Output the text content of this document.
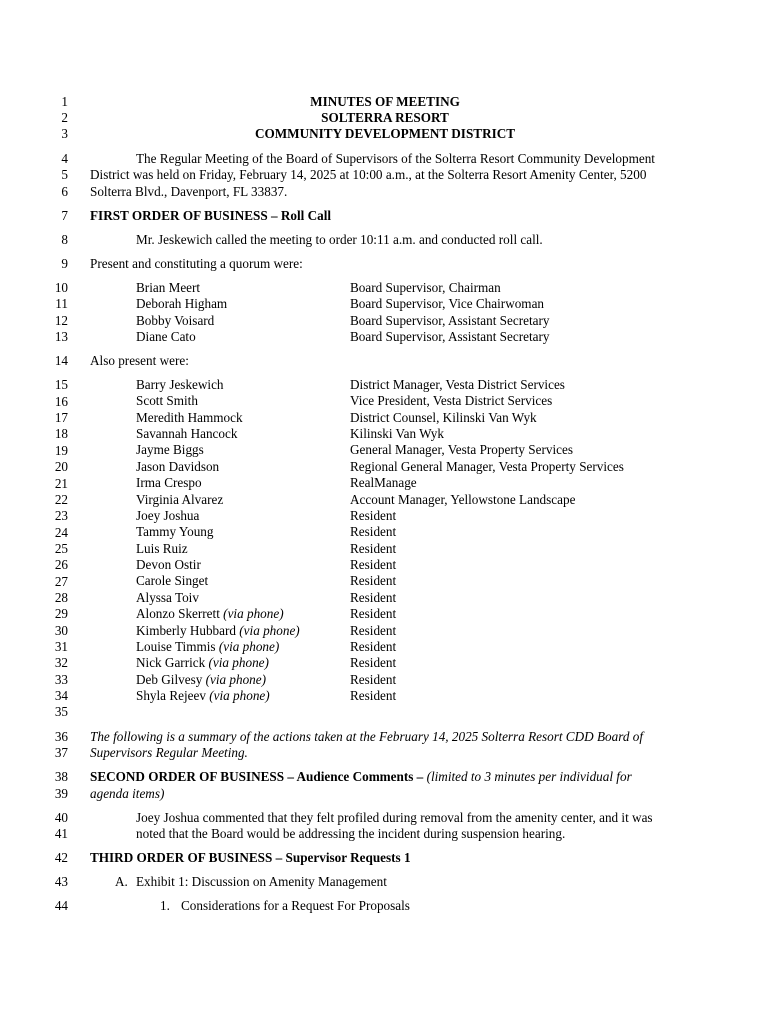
1
2
3
4
5
6
7
8
9
10
11
12
13
14
15
16
17
18
19
20
21
22
23
24
25
26
27
28
29
30
31
32
33
34
35
36
37
38
39
40
41
42
43
44
MINUTES OF MEETING
SOLTERRA RESORT
COMMUNITY DEVELOPMENT DISTRICT
The Regular Meeting of the Board of Supervisors of the Solterra Resort Community Development
District was held on Friday, February 14, 2025 at 10:00 a.m., at the Solterra Resort Amenity Center, 5200
Solterra Blvd., Davenport, FL 33837.
FIRST ORDER OF BUSINESS – Roll Call
Mr. Jeskewich called the meeting to order 10:11 a.m. and conducted roll call.
Present and constituting a quorum were:
Brian Meert	Board Supervisor, Chairman
Deborah Higham	Board Supervisor, Vice Chairwoman
Bobby Voisard	Board Supervisor, Assistant Secretary
Diane Cato	Board Supervisor, Assistant Secretary
Also present were:
Barry Jeskewich	District Manager, Vesta District Services
Scott Smith	Vice President, Vesta District Services
Meredith Hammock	District Counsel, Kilinski Van Wyk
Savannah Hancock	Kilinski Van Wyk
Jayme Biggs	General Manager, Vesta Property Services
Jason Davidson	Regional General Manager, Vesta Property Services
Irma Crespo	RealManage
Virginia Alvarez	Account Manager, Yellowstone Landscape
Joey Joshua	Resident
Tammy Young	Resident
Luis Ruiz	Resident
Devon Ostir	Resident
Carole Singet	Resident
Alyssa Toiv	Resident
Alonzo Skerrett (via phone)	Resident
Kimberly Hubbard (via phone)	Resident
Louise Timmis (via phone)	Resident
Nick Garrick (via phone)	Resident
Deb Gilvesy (via phone)	Resident
Shyla Rejeev (via phone)	Resident
The following is a summary of the actions taken at the February 14, 2025 Solterra Resort CDD Board of
Supervisors Regular Meeting.
SECOND ORDER OF BUSINESS – Audience Comments – (limited to 3 minutes per individual for
agenda items)
Joey Joshua commented that they felt profiled during removal from the amenity center, and it was
noted that the Board would be addressing the incident during suspension hearing.
THIRD ORDER OF BUSINESS – Supervisor Requests 1
A. Exhibit 1: Discussion on Amenity Management
1. Considerations for a Request For Proposals
